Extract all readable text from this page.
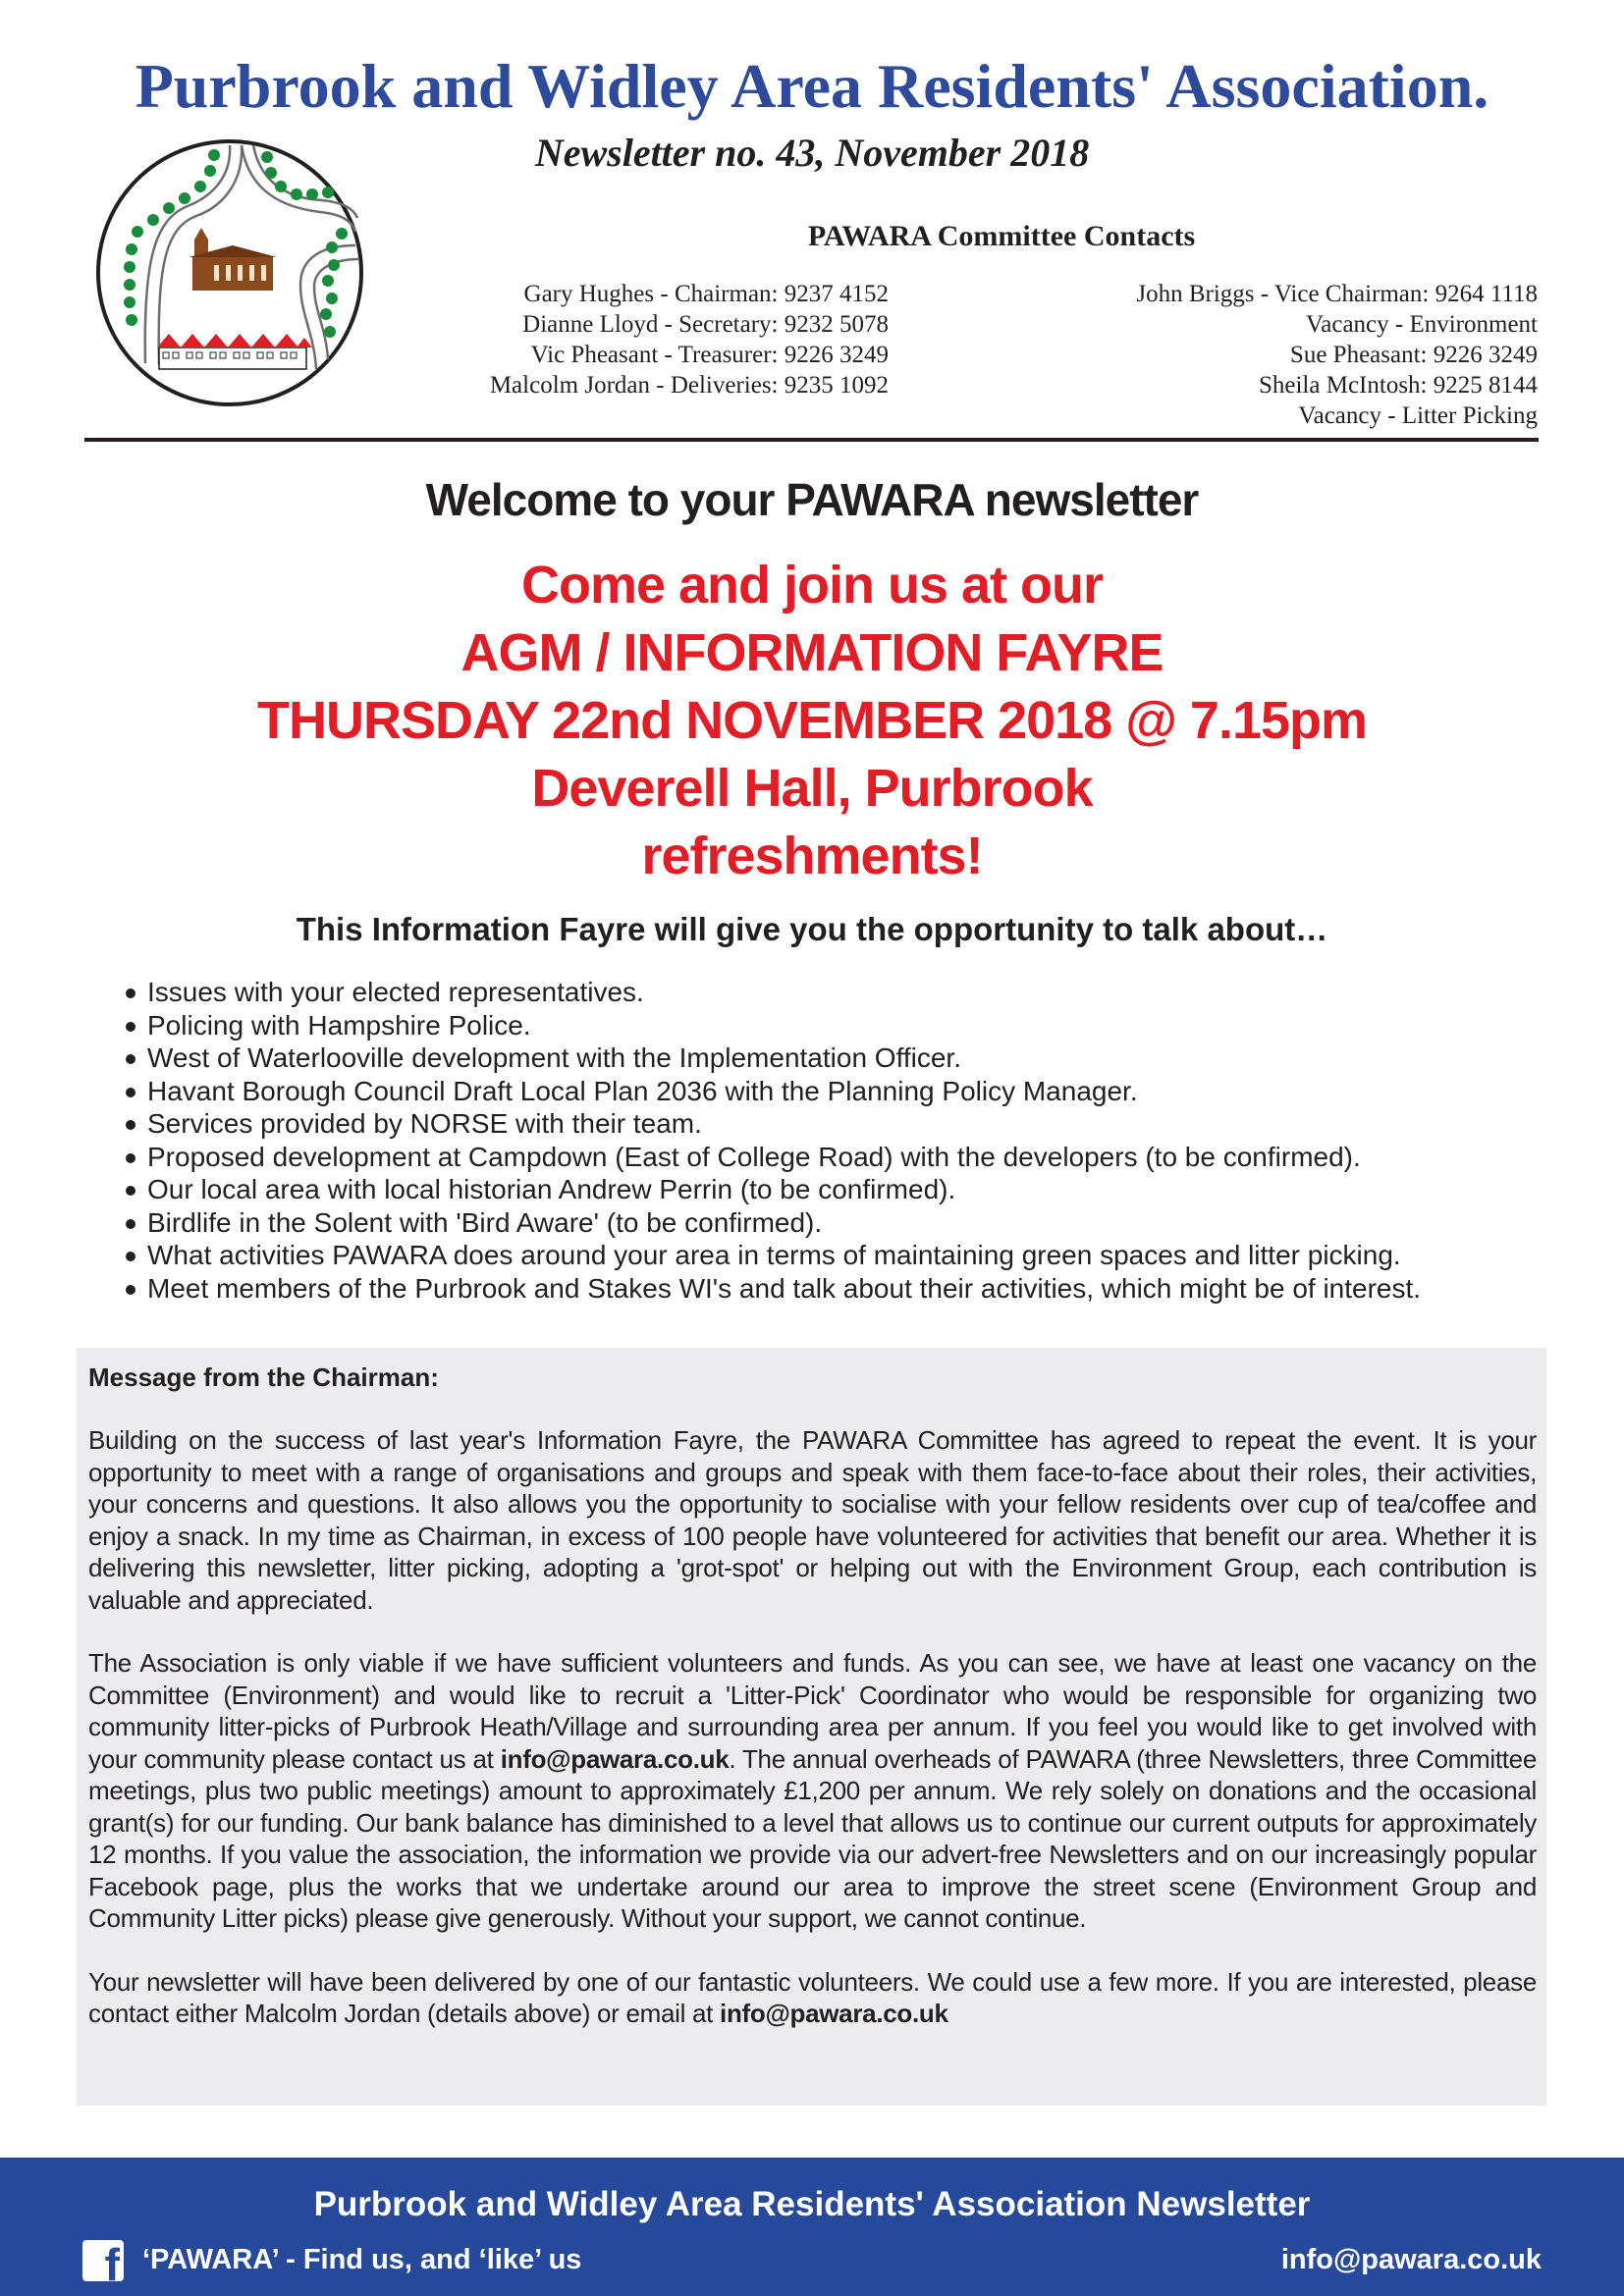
Purbrook and Widley Area Residents' Association.
Newsletter no. 43, November 2018
PAWARA Committee Contacts
Gary Hughes - Chairman: 9237 4152
Dianne Lloyd - Secretary: 9232 5078
Vic Pheasant - Treasurer: 9226 3249
Malcolm Jordan - Deliveries: 9235 1092
John Briggs - Vice Chairman: 9264 1118
Vacancy - Environment
Sue Pheasant: 9226 3249
Sheila McIntosh: 9225 8144
Vacancy - Litter Picking
Welcome to your PAWARA newsletter
Come and join us at our
AGM / INFORMATION FAYRE
THURSDAY 22nd NOVEMBER 2018 @ 7.15pm
Deverell Hall, Purbrook
refreshments!
This Information Fayre will give you the opportunity to talk about…
Issues with your elected representatives.
Policing with Hampshire Police.
West of Waterlooville development with the Implementation Officer.
Havant Borough Council Draft Local Plan 2036 with the Planning Policy Manager.
Services provided by NORSE with their team.
Proposed development at Campdown (East of College Road) with the developers (to be confirmed).
Our local area with local historian Andrew Perrin (to be confirmed).
Birdlife in the Solent with 'Bird Aware' (to be confirmed).
What activities PAWARA does around your area in terms of maintaining green spaces and litter picking.
Meet members of the Purbrook and Stakes WI's and talk about their activities, which might be of interest.
Message from the Chairman:

Building on the success of last year's Information Fayre, the PAWARA Committee has agreed to repeat the event. It is your opportunity to meet with a range of organisations and groups and speak with them face-to-face about their roles, their activities, your concerns and questions. It also allows you the opportunity to socialise with your fellow residents over cup of tea/coffee and enjoy a snack. In my time as Chairman, in excess of 100 people have volunteered for activities that benefit our area. Whether it is delivering this newsletter, litter picking, adopting a 'grot-spot' or helping out with the Environment Group, each contribution is valuable and appreciated.

The Association is only viable if we have sufficient volunteers and funds. As you can see, we have at least one vacancy on the Committee (Environment) and would like to recruit a 'Litter-Pick' Coordinator who would be responsible for organizing two community litter-picks of Purbrook Heath/Village and surrounding area per annum. If you feel you would like to get involved with your community please contact us at info@pawara.co.uk. The annual overheads of PAWARA (three Newsletters, three Committee meetings, plus two public meetings) amount to approximately £1,200 per annum. We rely solely on donations and the occasional grant(s) for our funding. Our bank balance has diminished to a level that allows us to continue our current outputs for approximately 12 months. If you value the association, the information we provide via our advert-free Newsletters and on our increasingly popular Facebook page, plus the works that we undertake around our area to improve the street scene (Environment Group and Community Litter picks) please give generously. Without your support, we cannot continue.

Your newsletter will have been delivered by one of our fantastic volunteers. We could use a few more. If you are interested, please contact either Malcolm Jordan (details above) or email at info@pawara.co.uk

Purbrook and Widley Area Residents' Association Newsletter
f ‘PAWARA’ - Find us, and ‘like’ us	info@pawara.co.uk
